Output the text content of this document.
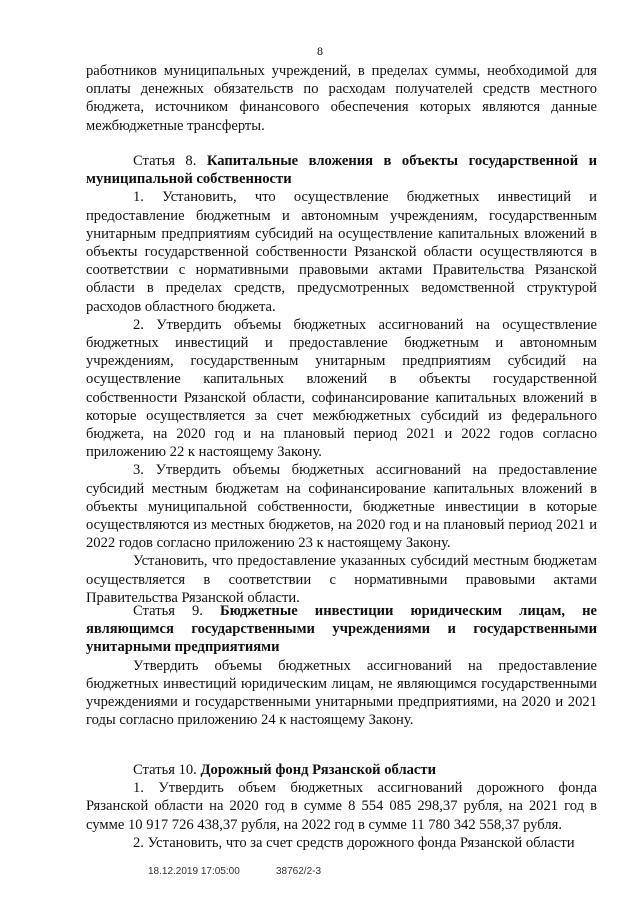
8

работников муниципальных учреждений, в пределах суммы, необходимой для оплаты денежных обязательств по расходам получателей средств местного бюджета, источником финансового обеспечения которых являются данные межбюджетные трансферты.

Статья 8. Капитальные вложения в объекты государственной и муниципальной собственности

1. Установить, что осуществление бюджетных инвестиций и предоставление бюджетным и автономным учреждениям, государственным унитарным предприятиям субсидий на осуществление капитальных вложений в объекты государственной собственности Рязанской области осуществляются в соответствии с нормативными правовыми актами Правительства Рязанской области в пределах средств, предусмотренных ведомственной структурой расходов областного бюджета.

2. Утвердить объемы бюджетных ассигнований на осуществление бюджетных инвестиций и предоставление бюджетным и автономным учреждениям, государственным унитарным предприятиям субсидий на осуществление капитальных вложений в объекты государственной собственности Рязанской области, софинансирование капитальных вложений в которые осуществляется за счет межбюджетных субсидий из федерального бюджета, на 2020 год и на плановый период 2021 и 2022 годов согласно приложению 22 к настоящему Закону.

3. Утвердить объемы бюджетных ассигнований на предоставление субсидий местным бюджетам на софинансирование капитальных вложений в объекты муниципальной собственности, бюджетные инвестиции в которые осуществляются из местных бюджетов, на 2020 год и на плановый период 2021 и 2022 годов согласно приложению 23 к настоящему Закону.

Установить, что предоставление указанных субсидий местным бюджетам осуществляется в соответствии с нормативными правовыми актами Правительства Рязанской области.

Статья 9. Бюджетные инвестиции юридическим лицам, не являющимся государственными учреждениями и государственными унитарными предприятиями

Утвердить объемы бюджетных ассигнований на предоставление бюджетных инвестиций юридическим лицам, не являющимся государственными учреждениями и государственными унитарными предприятиями, на 2020 и 2021 годы согласно приложению 24 к настоящему Закону.

Статья 10. Дорожный фонд Рязанской области

1. Утвердить объем бюджетных ассигнований дорожного фонда Рязанской области на 2020 год в сумме 8 554 085 298,37 рубля, на 2021 год в сумме 10 917 726 438,37 рубля, на 2022 год в сумме 11 780 342 558,37 рубля.

2. Установить, что за счет средств дорожного фонда Рязанской области

18.12.2019 17:05:00	38762/2-3
